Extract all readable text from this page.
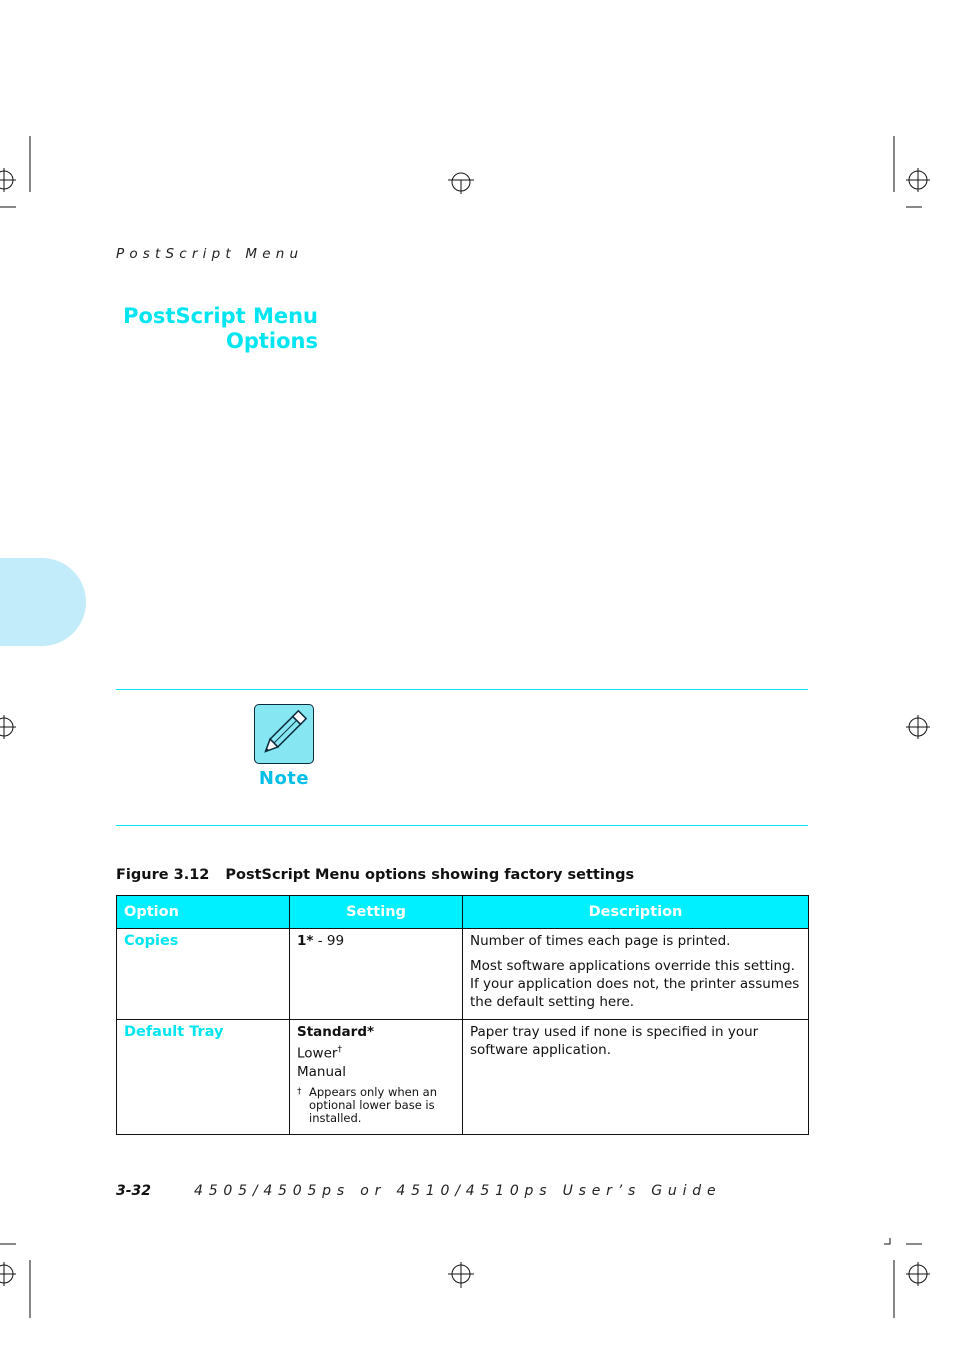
PostScript Menu
PostScript Menu
Options
Note
Figure 3.12 PostScript Menu options showing factory settings
Option	Setting	Description
Copies	1* - 99	Number of times each page is printed.

Most software applications override this setting. If your application does not, the printer assumes the default setting here.

Default Tray	Standard*
Lower†
Manual
† Appears only when an optional lower base is installed.	Paper tray used if none is specified in your software application.

3-32	4505/4505ps or 4510/4510ps User’s Guide
